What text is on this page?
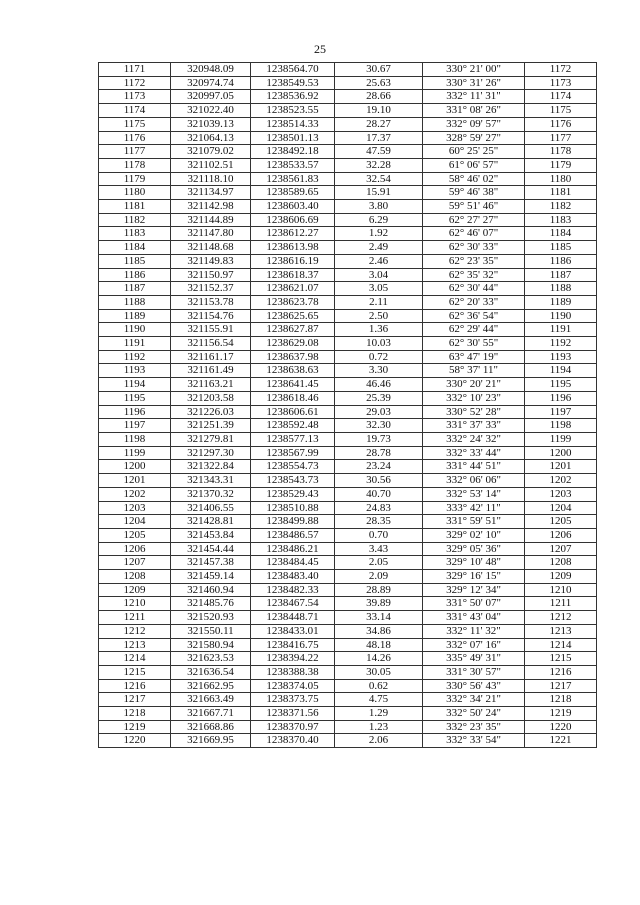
25
1171	320948.09	1238564.70	30.67	330° 21' 00"	1172
1172	320974.74	1238549.53	25.63	330° 31' 26"	1173
1173	320997.05	1238536.92	28.66	332° 11' 31"	1174
1174	321022.40	1238523.55	19.10	331° 08' 26"	1175
1175	321039.13	1238514.33	28.27	332° 09' 57"	1176
1176	321064.13	1238501.13	17.37	328° 59' 27"	1177
1177	321079.02	1238492.18	47.59	60° 25' 25"	1178
1178	321102.51	1238533.57	32.28	61° 06' 57"	1179
1179	321118.10	1238561.83	32.54	58° 46' 02"	1180
1180	321134.97	1238589.65	15.91	59° 46' 38"	1181
1181	321142.98	1238603.40	3.80	59° 51' 46"	1182
1182	321144.89	1238606.69	6.29	62° 27' 27"	1183
1183	321147.80	1238612.27	1.92	62° 46' 07"	1184
1184	321148.68	1238613.98	2.49	62° 30' 33"	1185
1185	321149.83	1238616.19	2.46	62° 23' 35"	1186
1186	321150.97	1238618.37	3.04	62° 35' 32"	1187
1187	321152.37	1238621.07	3.05	62° 30' 44"	1188
1188	321153.78	1238623.78	2.11	62° 20' 33"	1189
1189	321154.76	1238625.65	2.50	62° 36' 54"	1190
1190	321155.91	1238627.87	1.36	62° 29' 44"	1191
1191	321156.54	1238629.08	10.03	62° 30' 55"	1192
1192	321161.17	1238637.98	0.72	63° 47' 19"	1193
1193	321161.49	1238638.63	3.30	58° 37' 11"	1194
1194	321163.21	1238641.45	46.46	330° 20' 21"	1195
1195	321203.58	1238618.46	25.39	332° 10' 23"	1196
1196	321226.03	1238606.61	29.03	330° 52' 28"	1197
1197	321251.39	1238592.48	32.30	331° 37' 33"	1198
1198	321279.81	1238577.13	19.73	332° 24' 32"	1199
1199	321297.30	1238567.99	28.78	332° 33' 44"	1200
1200	321322.84	1238554.73	23.24	331° 44' 51"	1201
1201	321343.31	1238543.73	30.56	332° 06' 06"	1202
1202	321370.32	1238529.43	40.70	332° 53' 14"	1203
1203	321406.55	1238510.88	24.83	333° 42' 11"	1204
1204	321428.81	1238499.88	28.35	331° 59' 51"	1205
1205	321453.84	1238486.57	0.70	329° 02' 10"	1206
1206	321454.44	1238486.21	3.43	329° 05' 36"	1207
1207	321457.38	1238484.45	2.05	329° 10' 48"	1208
1208	321459.14	1238483.40	2.09	329° 16' 15"	1209
1209	321460.94	1238482.33	28.89	329° 12' 34"	1210
1210	321485.76	1238467.54	39.89	331° 50' 07"	1211
1211	321520.93	1238448.71	33.14	331° 43' 04"	1212
1212	321550.11	1238433.01	34.86	332° 11' 32"	1213
1213	321580.94	1238416.75	48.18	332° 07' 16"	1214
1214	321623.53	1238394.22	14.26	335° 49' 31"	1215
1215	321636.54	1238388.38	30.05	331° 30' 57"	1216
1216	321662.95	1238374.05	0.62	330° 56' 43"	1217
1217	321663.49	1238373.75	4.75	332° 34' 21"	1218
1218	321667.71	1238371.56	1.29	332° 50' 24"	1219
1219	321668.86	1238370.97	1.23	332° 23' 35"	1220
1220	321669.95	1238370.40	2.06	332° 33' 54"	1221
